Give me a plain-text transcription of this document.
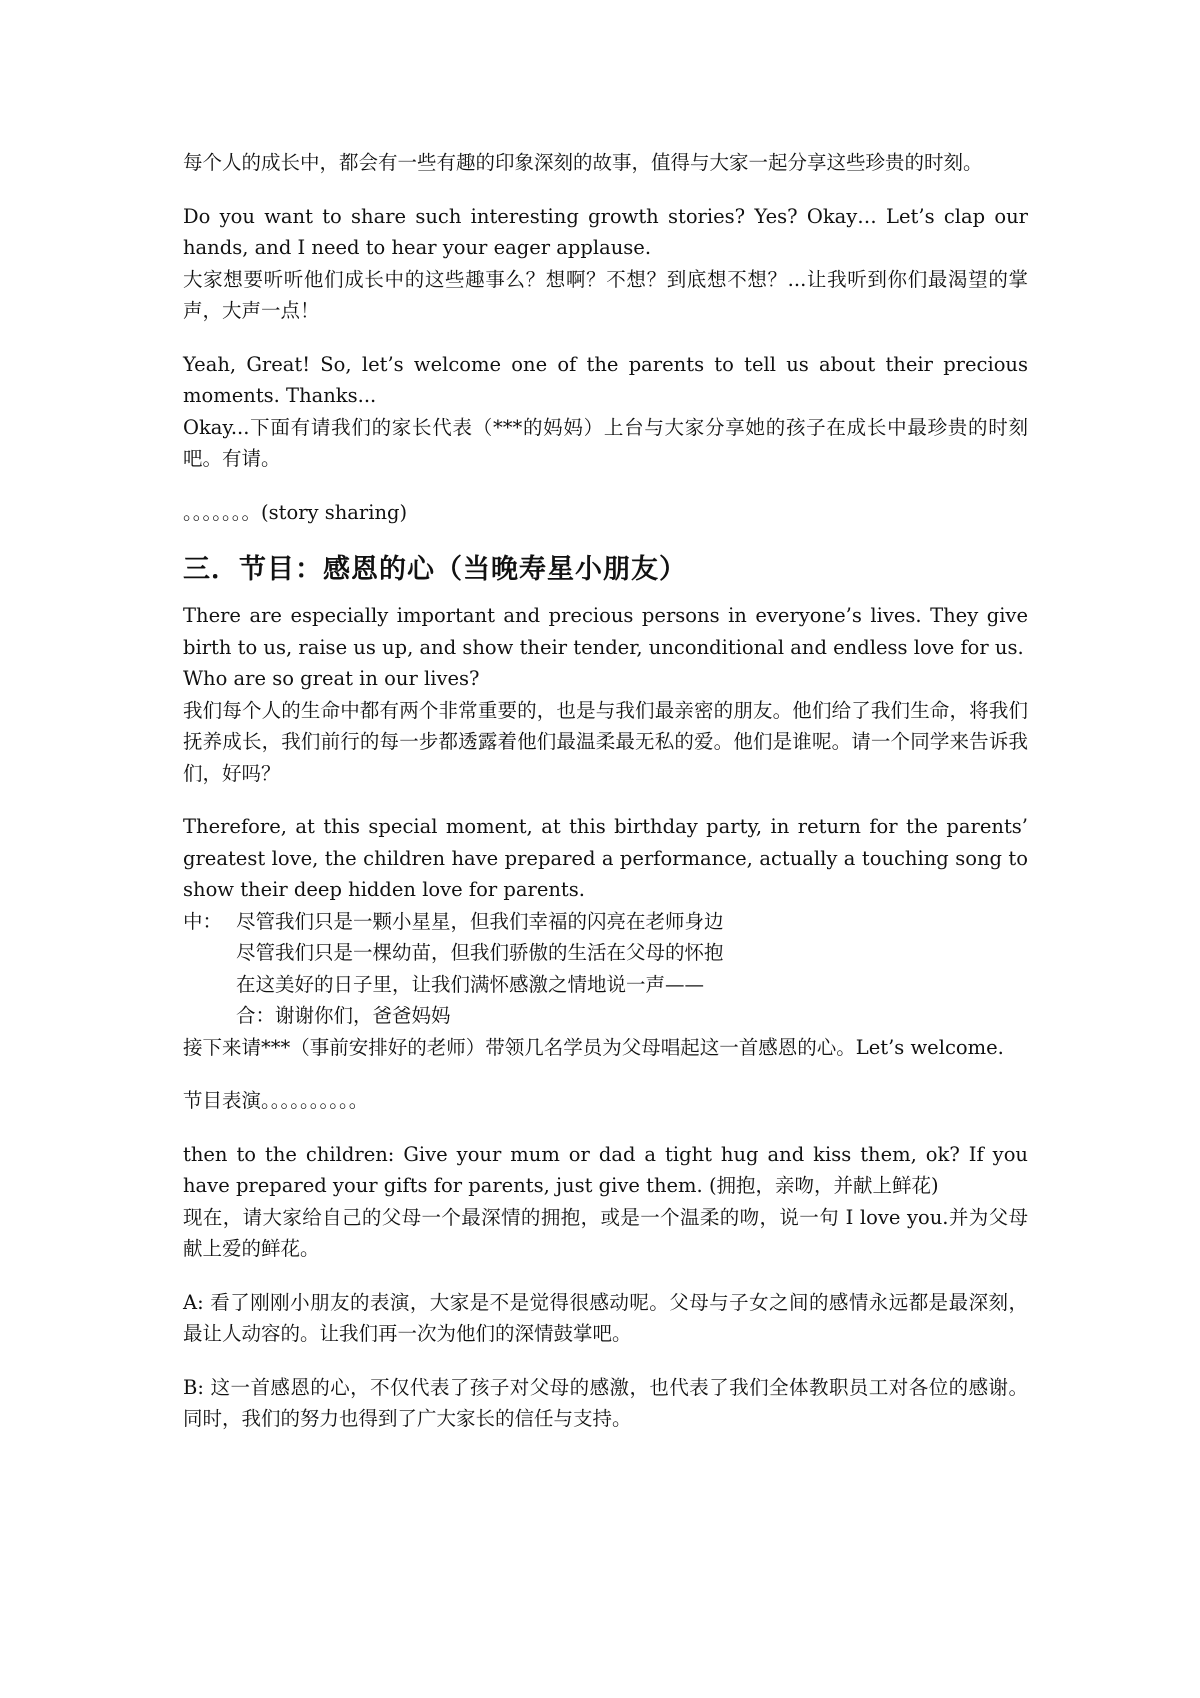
每个人的成长中，都会有一些有趣的印象深刻的故事，值得与大家一起分享这些珍贵的时刻。

Do you want to share such interesting growth stories? Yes? Okay… Let’s clap our hands, and I need to hear your eager applause.

大家想要听听他们成长中的这些趣事么？想啊？不想？到底想不想？...让我听到你们最渴望的掌声，大声一点！

Yeah, Great! So, let’s welcome one of the parents to tell us about their precious moments. Thanks...

Okay...下面有请我们的家长代表（***的妈妈）上台与大家分享她的孩子在成长中最珍贵的时刻吧。有请。

。。。。。。。(story sharing)

三．节目：感恩的心（当晚寿星小朋友）

There are especially important and precious persons in everyone’s lives. They give birth to us, raise us up, and show their tender, unconditional and endless love for us.

Who are so great in our lives?

我们每个人的生命中都有两个非常重要的，也是与我们最亲密的朋友。他们给了我们生命，将我们抚养成长，我们前行的每一步都透露着他们最温柔最无私的爱。他们是谁呢。请一个同学来告诉我们，好吗？

Therefore, at this special moment, at this birthday party, in return for the parents’ greatest love, the children have prepared a performance, actually a touching song to show their deep hidden love for parents.

中： 尽管我们只是一颗小星星，但我们幸福的闪亮在老师身边
尽管我们只是一棵幼苗，但我们骄傲的生活在父母的怀抱
在这美好的日子里，让我们满怀感激之情地说一声——
合：谢谢你们，爸爸妈妈

接下来请***（事前安排好的老师）带领几名学员为父母唱起这一首感恩的心。Let’s welcome.

节目表演。。。。。。。。。。

then to the children: Give your mum or dad a tight hug and kiss them, ok? If you have prepared your gifts for parents, just give them. (拥抱，亲吻，并献上鲜花)

现在，请大家给自己的父母一个最深情的拥抱，或是一个温柔的吻，说一句 I love you.并为父母献上爱的鲜花。

A: 看了刚刚小朋友的表演，大家是不是觉得很感动呢。父母与子女之间的感情永远都是最深刻，最让人动容的。让我们再一次为他们的深情鼓掌吧。

B: 这一首感恩的心，不仅代表了孩子对父母的感激，也代表了我们全体教职员工对各位的感谢。同时，我们的努力也得到了广大家长的信任与支持。
